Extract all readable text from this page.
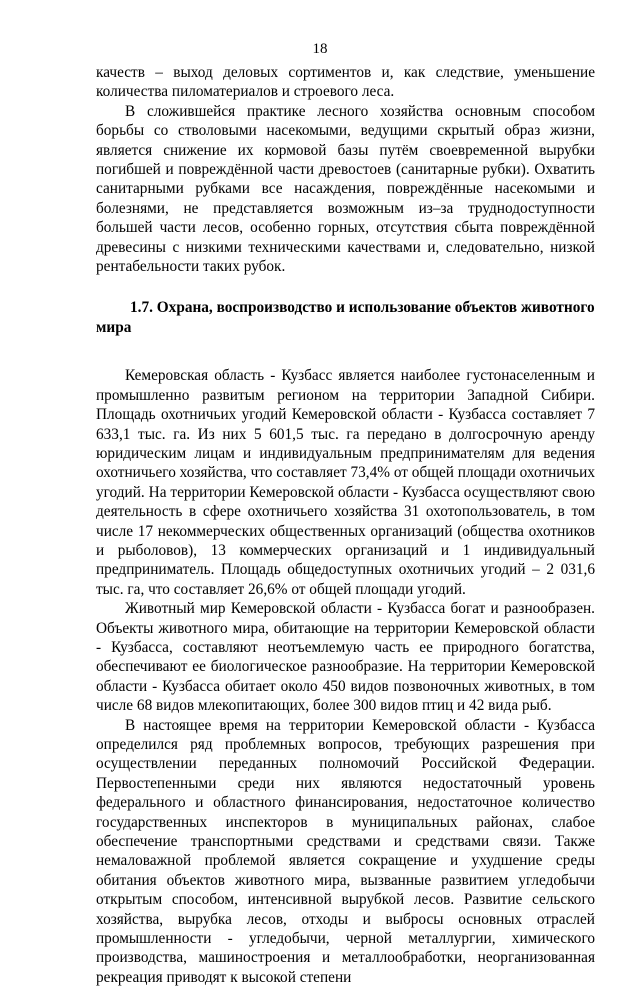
18

качеств – выход деловых сортиментов и, как следствие, уменьшение количества пиломатериалов и строевого леса.

В сложившейся практике лесного хозяйства основным способом борьбы со стволовыми насекомыми, ведущими скрытый образ жизни, является снижение их кормовой базы путём своевременной вырубки погибшей и повреждённой части древостоев (санитарные рубки). Охватить санитарными рубками все насаждения, повреждённые насекомыми и болезнями, не представляется возможным из–за труднодоступности большей части лесов, особенно горных, отсутствия сбыта повреждённой древесины с низкими техническими качествами и, следовательно, низкой рентабельности таких рубок.

1.7. Охрана, воспроизводство и использование объектов животного мира

Кемеровская область - Кузбасс является наиболее густонаселенным и промышленно развитым регионом на территории Западной Сибири. Площадь охотничьих угодий Кемеровской области - Кузбасса составляет 7 633,1 тыс. га. Из них 5 601,5 тыс. га передано в долгосрочную аренду юридическим лицам и индивидуальным предпринимателям для ведения охотничьего хозяйства, что составляет 73,4% от общей площади охотничьих угодий. На территории Кемеровской области - Кузбасса осуществляют свою деятельность в сфере охотничьего хозяйства 31 охотопользователь, в том числе 17 некоммерческих общественных организаций (общества охотников и рыболовов), 13 коммерческих организаций и 1 индивидуальный предприниматель. Площадь общедоступных охотничьих угодий – 2 031,6 тыс. га, что составляет 26,6% от общей площади угодий.

Животный мир Кемеровской области - Кузбасса богат и разнообразен. Объекты животного мира, обитающие на территории Кемеровской области - Кузбасса, составляют неотъемлемую часть ее природного богатства, обеспечивают ее биологическое разнообразие. На территории Кемеровской области - Кузбасса обитает около 450 видов позвоночных животных, в том числе 68 видов млекопитающих, более 300 видов птиц и 42 вида рыб.

В настоящее время на территории Кемеровской области - Кузбасса определился ряд проблемных вопросов, требующих разрешения при осуществлении переданных полномочий Российской Федерации. Первостепенными среди них являются недостаточный уровень федерального и областного финансирования, недостаточное количество государственных инспекторов в муниципальных районах, слабое обеспечение транспортными средствами и средствами связи. Также немаловажной проблемой является сокращение и ухудшение среды обитания объектов животного мира, вызванные развитием угледобычи открытым способом, интенсивной вырубкой лесов. Развитие сельского хозяйства, вырубка лесов, отходы и выбросы основных отраслей промышленности - угледобычи, черной металлургии, химического производства, машиностроения и металлообработки, неорганизованная рекреация приводят к высокой степени
